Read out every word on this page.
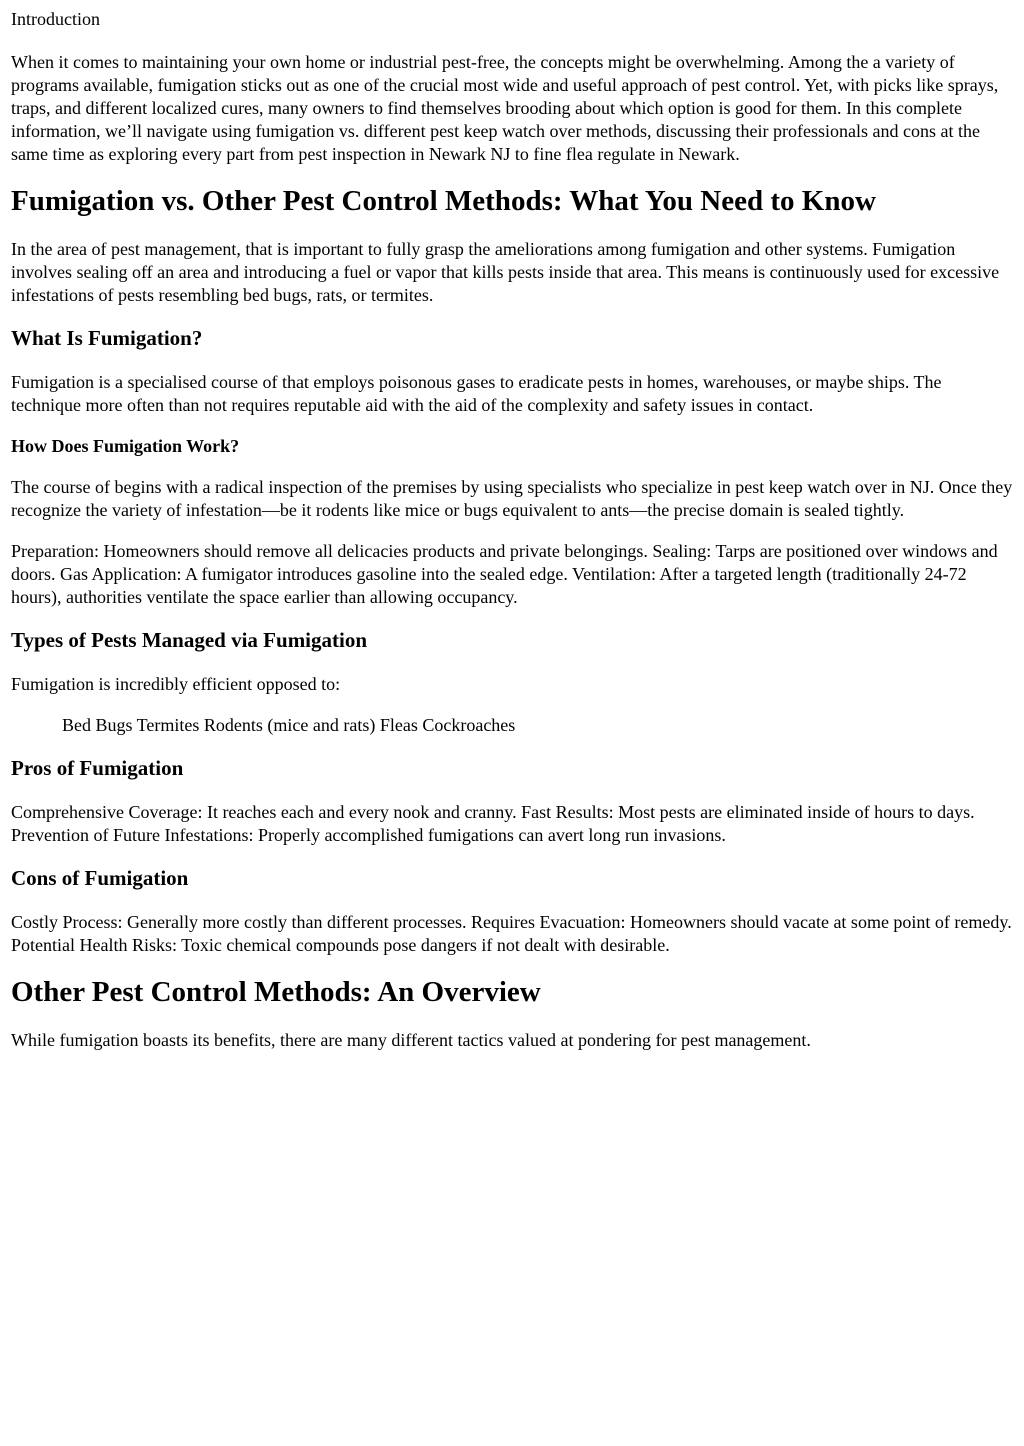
Introduction

When it comes to maintaining your own home or industrial pest-free, the concepts might be overwhelming. Among the a variety of programs available, fumigation sticks out as one of the crucial most wide and useful approach of pest control. Yet, with picks like sprays, traps, and different localized cures, many owners to find themselves brooding about which option is good for them. In this complete information, we’ll navigate using fumigation vs. different pest keep watch over methods, discussing their professionals and cons at the same time as exploring every part from pest inspection in Newark NJ to fine flea regulate in Newark.

Fumigation vs. Other Pest Control Methods: What You Need to Know

In the area of pest management, that is important to fully grasp the ameliorations among fumigation and other systems. Fumigation involves sealing off an area and introducing a fuel or vapor that kills pests inside that area. This means is continuously used for excessive infestations of pests resembling bed bugs, rats, or termites.

What Is Fumigation?

Fumigation is a specialised course of that employs poisonous gases to eradicate pests in homes, warehouses, or maybe ships. The technique more often than not requires reputable aid with the aid of the complexity and safety issues in contact.

How Does Fumigation Work?

The course of begins with a radical inspection of the premises by using specialists who specialize in pest keep watch over in NJ. Once they recognize the variety of infestation—be it rodents like mice or bugs equivalent to ants—the precise domain is sealed tightly.

Preparation: Homeowners should remove all delicacies products and private belongings. Sealing: Tarps are positioned over windows and doors. Gas Application: A fumigator introduces gasoline into the sealed edge. Ventilation: After a targeted length (traditionally 24-72 hours), authorities ventilate the space earlier than allowing occupancy.

Types of Pests Managed via Fumigation

Fumigation is incredibly efficient opposed to:

Bed Bugs Termites Rodents (mice and rats) Fleas Cockroaches
Pros of Fumigation

Comprehensive Coverage: It reaches each and every nook and cranny. Fast Results: Most pests are eliminated inside of hours to days. Prevention of Future Infestations: Properly accomplished fumigations can avert long run invasions.

Cons of Fumigation

Costly Process: Generally more costly than different processes. Requires Evacuation: Homeowners should vacate at some point of remedy. Potential Health Risks: Toxic chemical compounds pose dangers if not dealt with desirable.

Other Pest Control Methods: An Overview

While fumigation boasts its benefits, there are many different tactics valued at pondering for pest management.
